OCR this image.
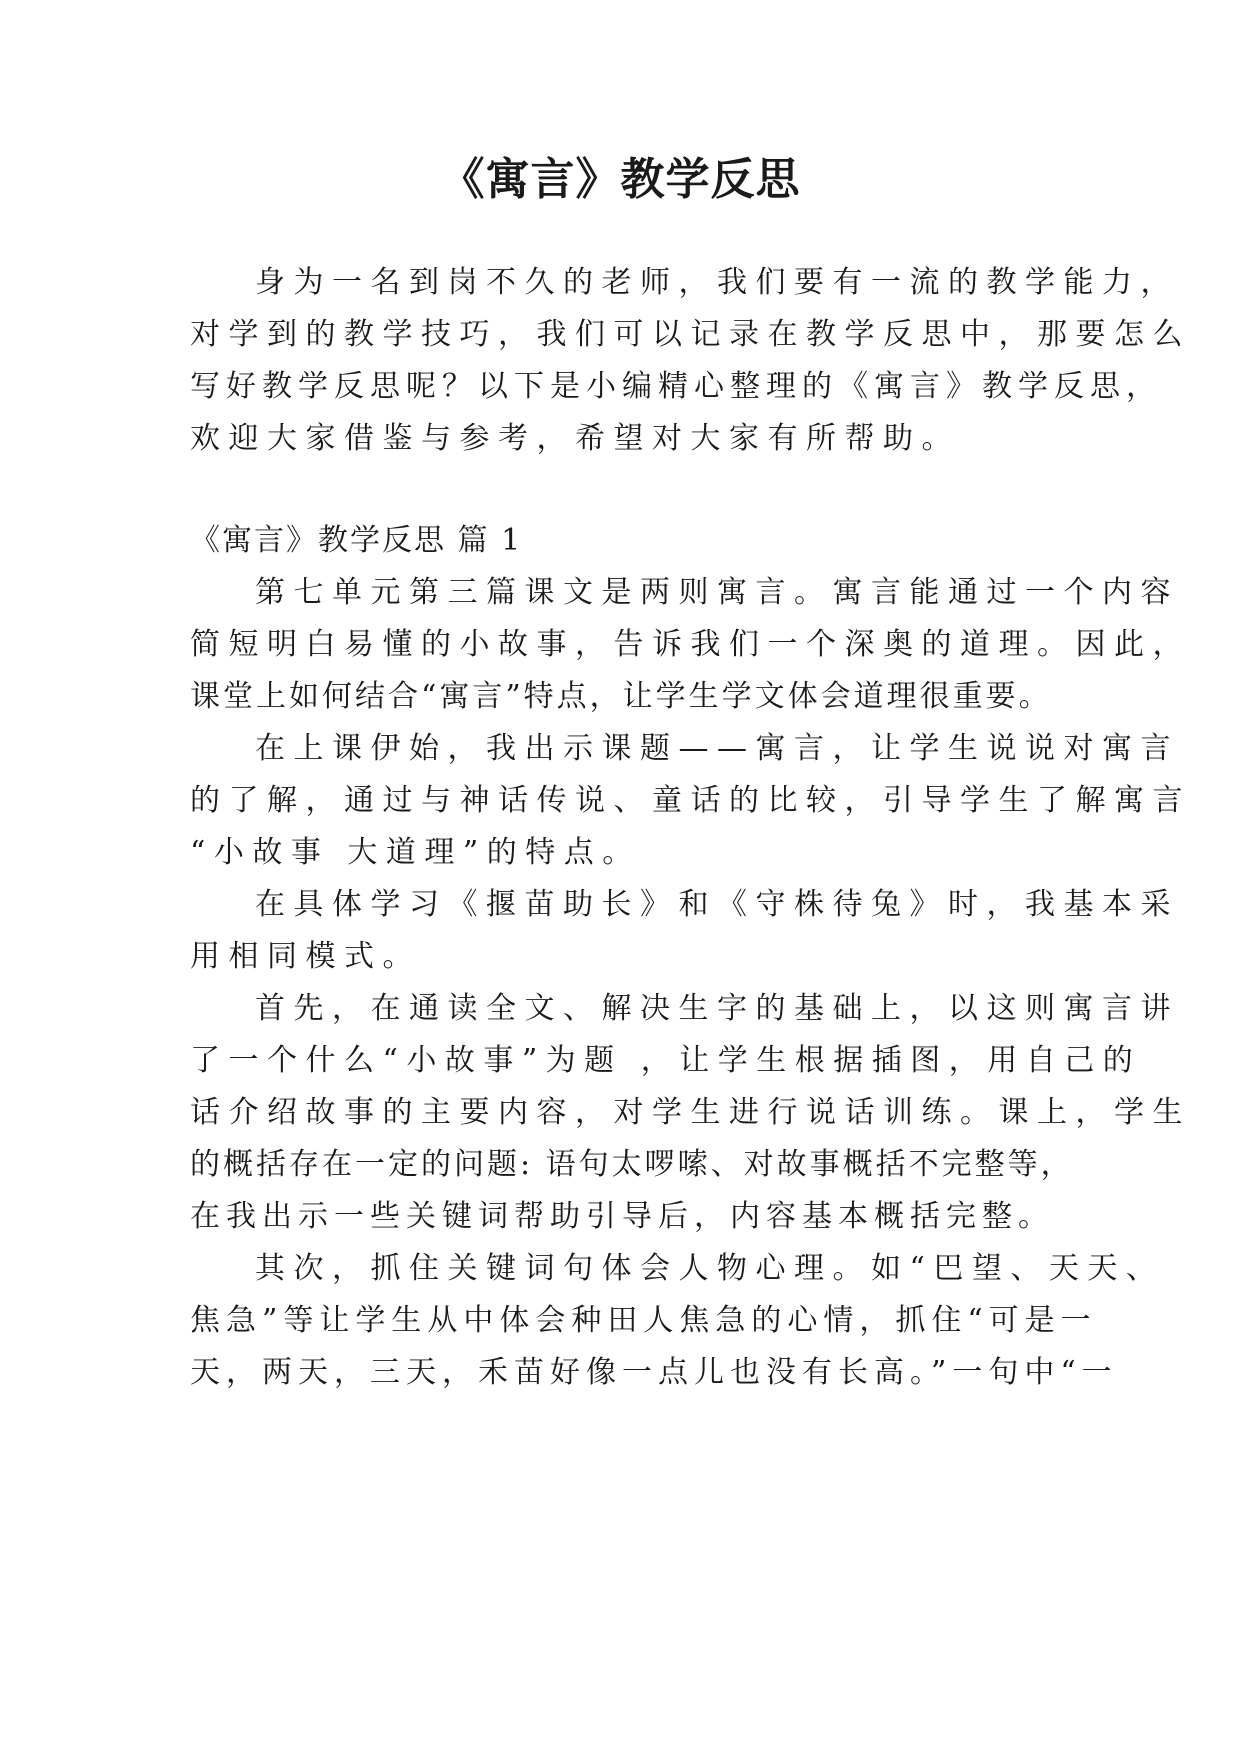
《寓言》教学反思
身为一名到岗不久的老师，我们要有一流的教学能力，
对学到的教学技巧，我们可以记录在教学反思中，那要怎么
写好教学反思呢？以下是小编精心整理的《寓言》教学反思，
欢迎大家借鉴与参考，希望对大家有所帮助。
《寓言》教学反思 篇 1
第七单元第三篇课文是两则寓言。寓言能通过一个内容
简短明白易懂的小故事，告诉我们一个深奥的道理。因此，
课堂上如何结合“寓言”特点，让学生学文体会道理很重要。
在上课伊始，我出示课题——寓言，让学生说说对寓言
的了解，通过与神话传说、童话的比较，引导学生了解寓言
“小故事 大道理”的特点。
在具体学习《揠苗助长》和《守株待兔》时，我基本采
用相同模式。
首先，在通读全文、解决生字的基础上，以这则寓言讲
了一个什么“小故事”为题 ，让学生根据插图，用自己的
话介绍故事的主要内容，对学生进行说话训练。课上，学生
的概括存在一定的问题: 语句太啰嗦、对故事概括不完整等，
在我出示一些关键词帮助引导后，内容基本概括完整。
其次，抓住关键词句体会人物心理。如“巴望、天天、
焦急”等让学生从中体会种田人焦急的心情，抓住“可是一
天，两天，三天，禾苗好像一点儿也没有长高。”一句中“一
